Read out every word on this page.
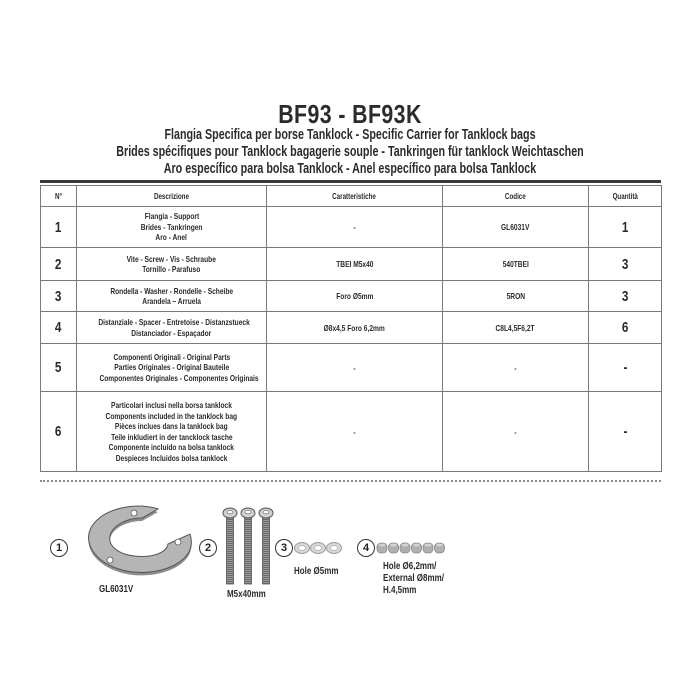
BF93 - BF93K
Flangia Specifica per borse Tanklock - Specific Carrier for Tanklock bags
Brides spécifiques pour Tanklock bagagerie souple - Tankringen für tanklock Weichtaschen
Aro específico para bolsa Tanklock - Anel específico para bolsa Tanklock
N°	Descrizione	Caratteristiche	Codice	Quantità
1	Flangia - Support
Brides - Tankringen
Aro - Anel	-	GL6031V	1
2	Vite - Screw - Vis - Schraube
Tornillo - Parafuso	TBEI M5x40	540TBEI	3
3	Rondella - Washer - Rondelle - Scheibe
Arandela – Arruela	Foro Ø5mm	5RON	3
4	Distanziale - Spacer - Entretoise - Distanzstueck
Distanciador - Espaçador	Ø8x4,5 Foro 6,2mm	C8L4,5F6,2T	6
5	Componenti Originali - Original Parts
Parties Originales - Original Bauteile
Componentes Originales - Componentes Originais	-	-	-
6	
Particolari inclusi nella borsa tanklock
Components included in the tanklock bag
Pièces inclues dans la tanklock bag
Teile inkludiert in der tancklock tasche
Componente incluído na bolsa tanklock
Despieces Incluidos bolsa tanklock
	-	-	-
1
GL6031V
2
M5x40mm
3
Hole Ø5mm
4
Hole Ø6,2mm/
External Ø8mm/
H.4,5mm
